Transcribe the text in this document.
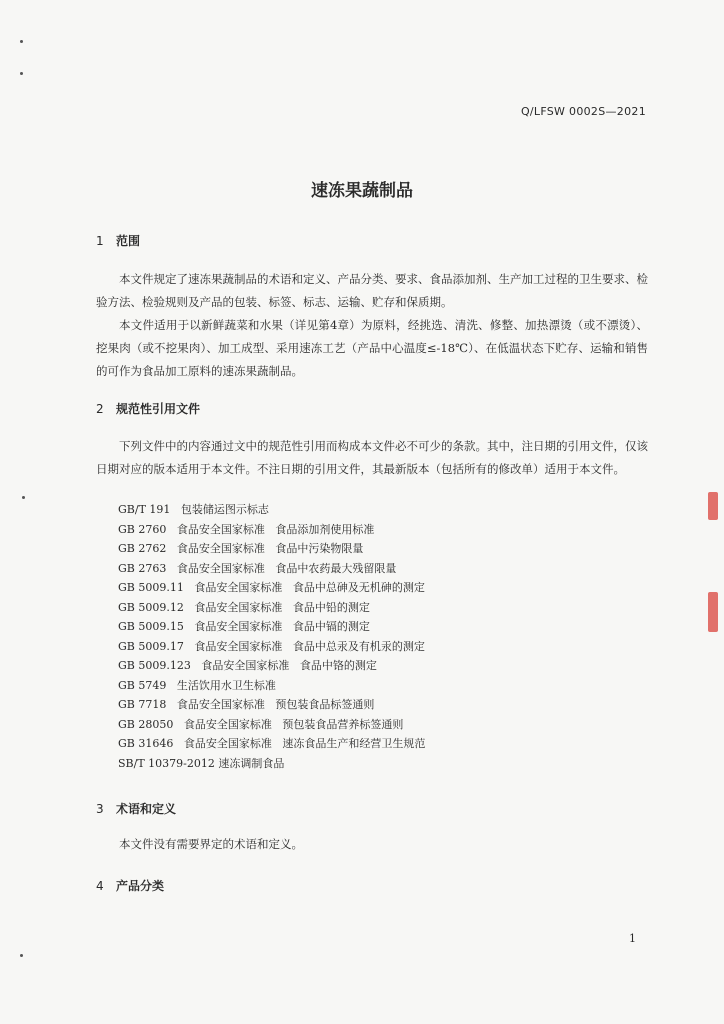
Q/LFSW 0002S—2021
速冻果蔬制品
1 范围
本文件规定了速冻果蔬制品的术语和定义、产品分类、要求、食品添加剂、生产加工过程的卫生要求、检验方法、检验规则及产品的包装、标签、标志、运输、贮存和保质期。
本文件适用于以新鲜蔬菜和水果（详见第4章）为原料，经挑选、清洗、修整、加热漂烫（或不漂烫）、挖果肉（或不挖果肉）、加工成型、采用速冻工艺（产品中心温度≤-18℃）、在低温状态下贮存、运输和销售的可作为食品加工原料的速冻果蔬制品。
2 规范性引用文件
下列文件中的内容通过文中的规范性引用而构成本文件必不可少的条款。其中，注日期的引用文件，仅该日期对应的版本适用于本文件。不注日期的引用文件，其最新版本（包括所有的修改单）适用于本文件。
GB/T 191   包装储运图示标志
GB 2760   食品安全国家标准   食品添加剂使用标准
GB 2762   食品安全国家标准   食品中污染物限量
GB 2763   食品安全国家标准   食品中农药最大残留限量
GB 5009.11   食品安全国家标准   食品中总砷及无机砷的测定
GB 5009.12   食品安全国家标准   食品中铅的测定
GB 5009.15   食品安全国家标准   食品中镉的测定
GB 5009.17   食品安全国家标准   食品中总汞及有机汞的测定
GB 5009.123   食品安全国家标准   食品中铬的测定
GB 5749   生活饮用水卫生标准
GB 7718   食品安全国家标准   预包装食品标签通则
GB 28050   食品安全国家标准   预包装食品营养标签通则
GB 31646   食品安全国家标准   速冻食品生产和经营卫生规范
SB/T 10379-2012 速冻调制食品
3 术语和定义
本文件没有需要界定的术语和定义。
4 产品分类
1
